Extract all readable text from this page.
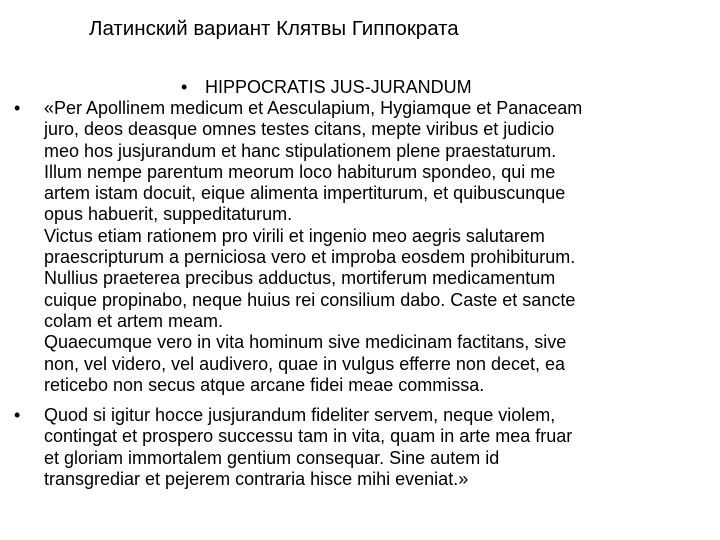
Латинский вариант Клятвы Гиппократа
• HIPPOCRATIS JUS-JURANDUM
•	«Per Apollinem medicum et Aesculapium, Hygiamque et Panaceam
juro, deos deasque omnes testes citans, mepte viribus et judicio
meo hos jusjurandum et hanc stipulationem plene praestaturum.
Illum nempe parentum meorum loco habiturum spondeo, qui me
artem istam docuit, eique alimenta impertiturum, et quibuscunque
opus habuerit, suppeditaturum.
Victus etiam rationem pro virili et ingenio meo aegris salutarem
praescripturum a perniciosa vero et improba eosdem prohibiturum.
Nullius praeterea precibus adductus, mortiferum medicamentum
cuique propinabo, neque huius rei consilium dabo. Caste et sancte
colam et artem meam.
Quaecumque vero in vita hominum sive medicinam factitans, sive
non, vel videro, vel audivero, quae in vulgus efferre non decet, ea
reticebo non secus atque arcane fidei meae commissa.
•	Quod si igitur hocce jusjurandum fideliter servem, neque violem,
contingat et prospero successu tam in vita, quam in arte mea fruar
et gloriam immortalem gentium consequar. Sine autem id
transgrediar et pejerem contraria hisce mihi eveniat.»
